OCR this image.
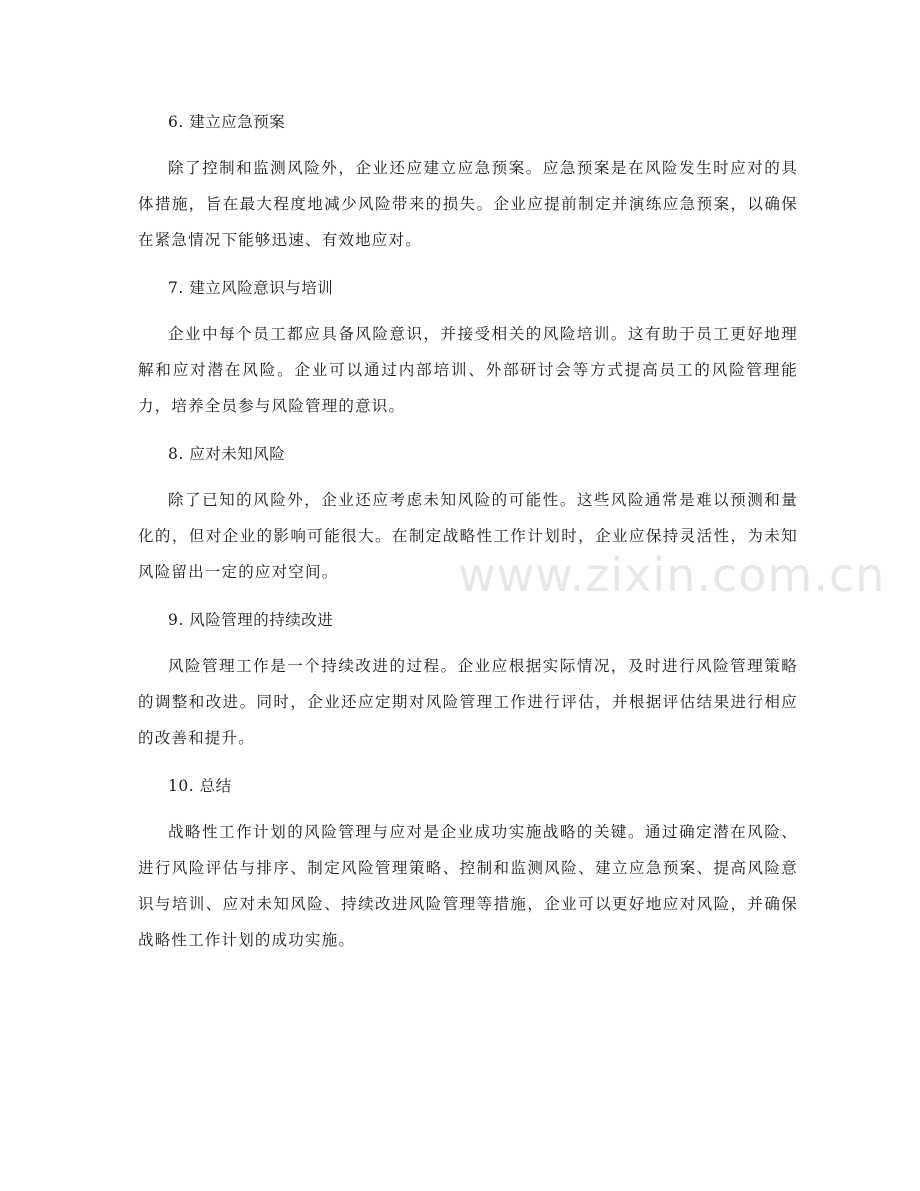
6. 建立应急预案

除了控制和监测风险外，企业还应建立应急预案。应急预案是在风险发生时应对的具体措施，旨在最大程度地减少风险带来的损失。企业应提前制定并演练应急预案，以确保在紧急情况下能够迅速、有效地应对。

7. 建立风险意识与培训

企业中每个员工都应具备风险意识，并接受相关的风险培训。这有助于员工更好地理解和应对潜在风险。企业可以通过内部培训、外部研讨会等方式提高员工的风险管理能力，培养全员参与风险管理的意识。

8. 应对未知风险

除了已知的风险外，企业还应考虑未知风险的可能性。这些风险通常是难以预测和量化的，但对企业的影响可能很大。在制定战略性工作计划时，企业应保持灵活性，为未知风险留出一定的应对空间。

9. 风险管理的持续改进

风险管理工作是一个持续改进的过程。企业应根据实际情况，及时进行风险管理策略的调整和改进。同时，企业还应定期对风险管理工作进行评估，并根据评估结果进行相应的改善和提升。

10. 总结

战略性工作计划的风险管理与应对是企业成功实施战略的关键。通过确定潜在风险、进行风险评估与排序、制定风险管理策略、控制和监测风险、建立应急预案、提高风险意识与培训、应对未知风险、持续改进风险管理等措施，企业可以更好地应对风险，并确保战略性工作计划的成功实施。

www.zixin.com.cn
